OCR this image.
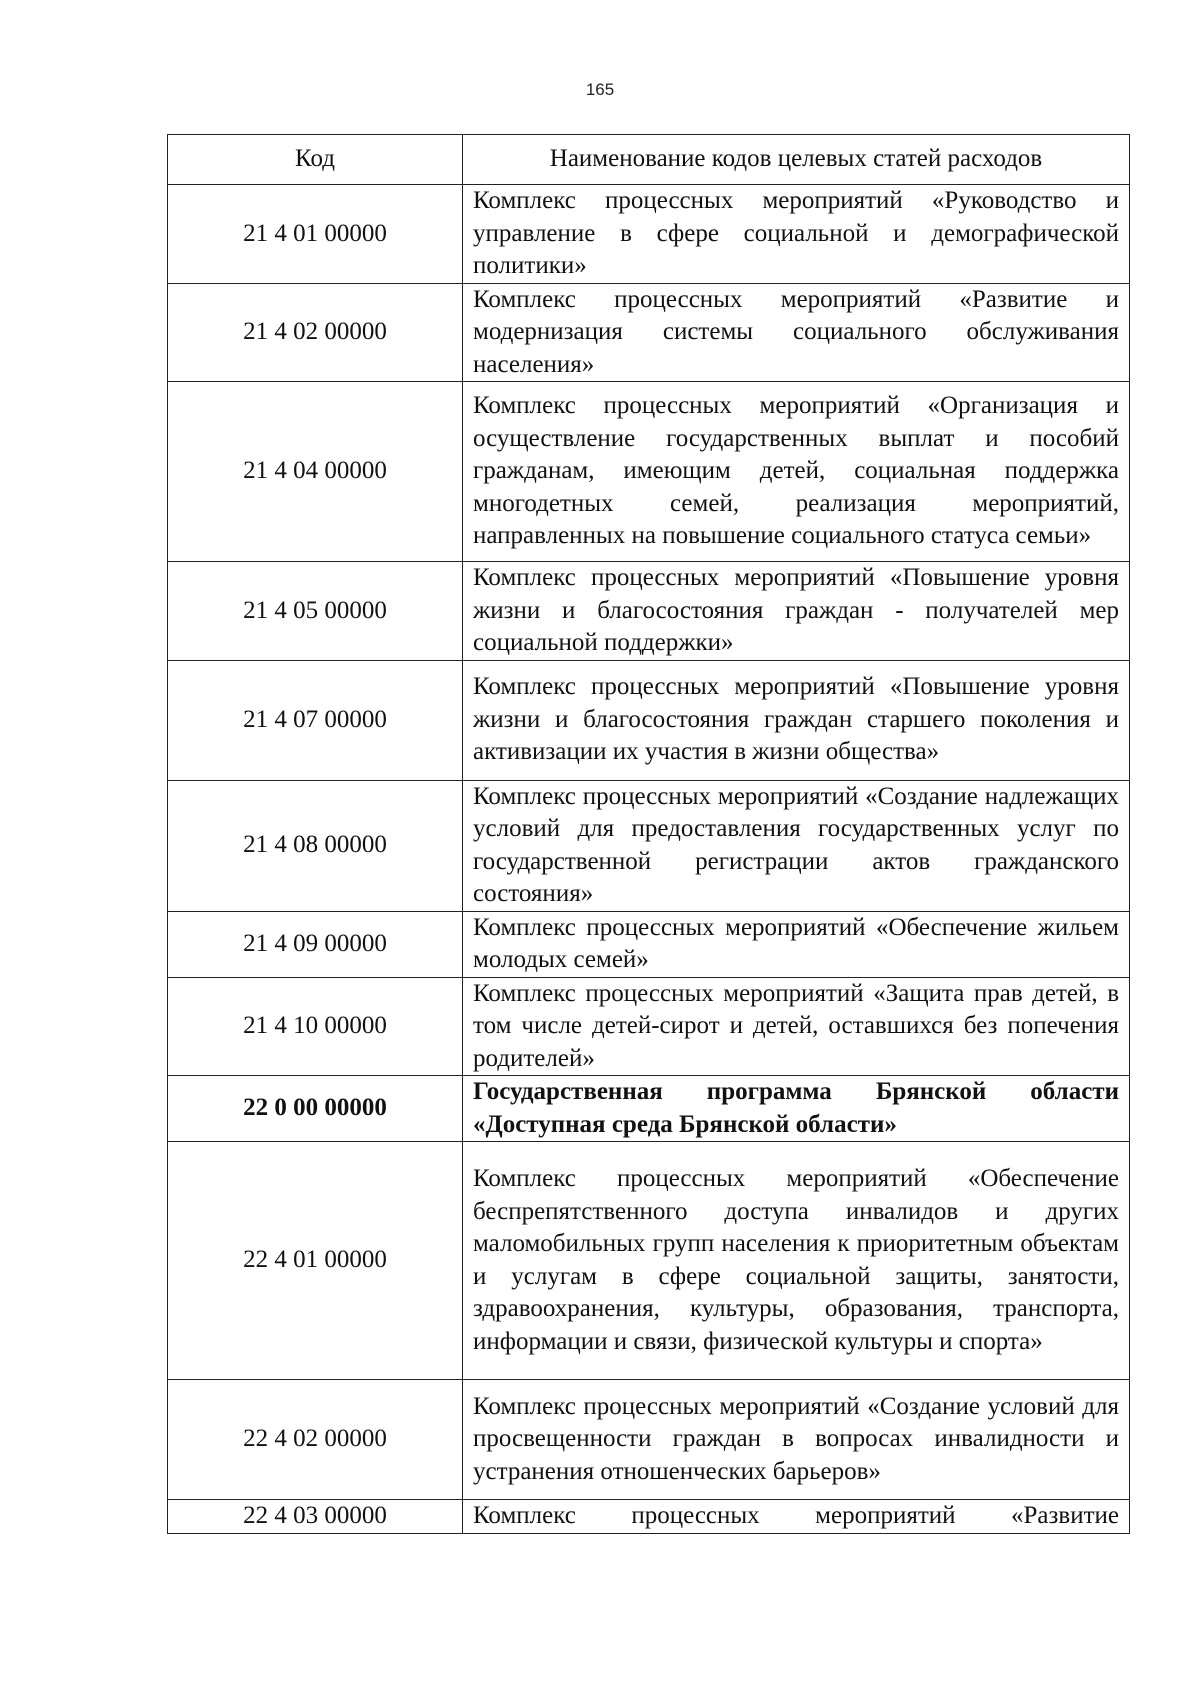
165
Код	Наименование кодов целевых статей расходов
21 4 01 00000	Комплекс процессных мероприятий «Руководство и управление в сфере социальной и демографической политики»
21 4 02 00000	Комплекс процессных мероприятий «Развитие и модернизация системы социального обслуживания населения»
21 4 04 00000	Комплекс процессных мероприятий «Организация и осуществление государственных выплат и пособий гражданам, имеющим детей, социальная поддержка многодетных семей, реализация мероприятий, направленных на повышение социального статуса семьи»
21 4 05 00000	Комплекс процессных мероприятий «Повышение уровня жизни и благосостояния граждан - получателей мер социальной поддержки»
21 4 07 00000	Комплекс процессных мероприятий «Повышение уровня жизни и благосостояния граждан старшего поколения и активизации их участия в жизни общества»
21 4 08 00000	Комплекс процессных мероприятий «Создание надлежащих условий для предоставления государственных услуг по государственной регистрации актов гражданского состояния»
21 4 09 00000	Комплекс процессных мероприятий «Обеспечение жильем молодых семей»
21 4 10 00000	Комплекс процессных мероприятий «Защита прав детей, в том числе детей-сирот и детей, оставшихся без попечения родителей»
22 0 00 00000	Государственная программа Брянской области «Доступная среда Брянской области»
22 4 01 00000	Комплекс процессных мероприятий «Обеспечение беспрепятственного доступа инвалидов и других маломобильных групп населения к приоритетным объектам и услугам в сфере социальной защиты, занятости, здравоохранения, культуры, образования, транспорта, информации и связи, физической культуры и спорта»
22 4 02 00000	Комплекс процессных мероприятий «Создание условий для просвещенности граждан в вопросах инвалидности и устранения отношенческих барьеров»
22 4 03 00000	Комплекс процессных мероприятий «Развитие
